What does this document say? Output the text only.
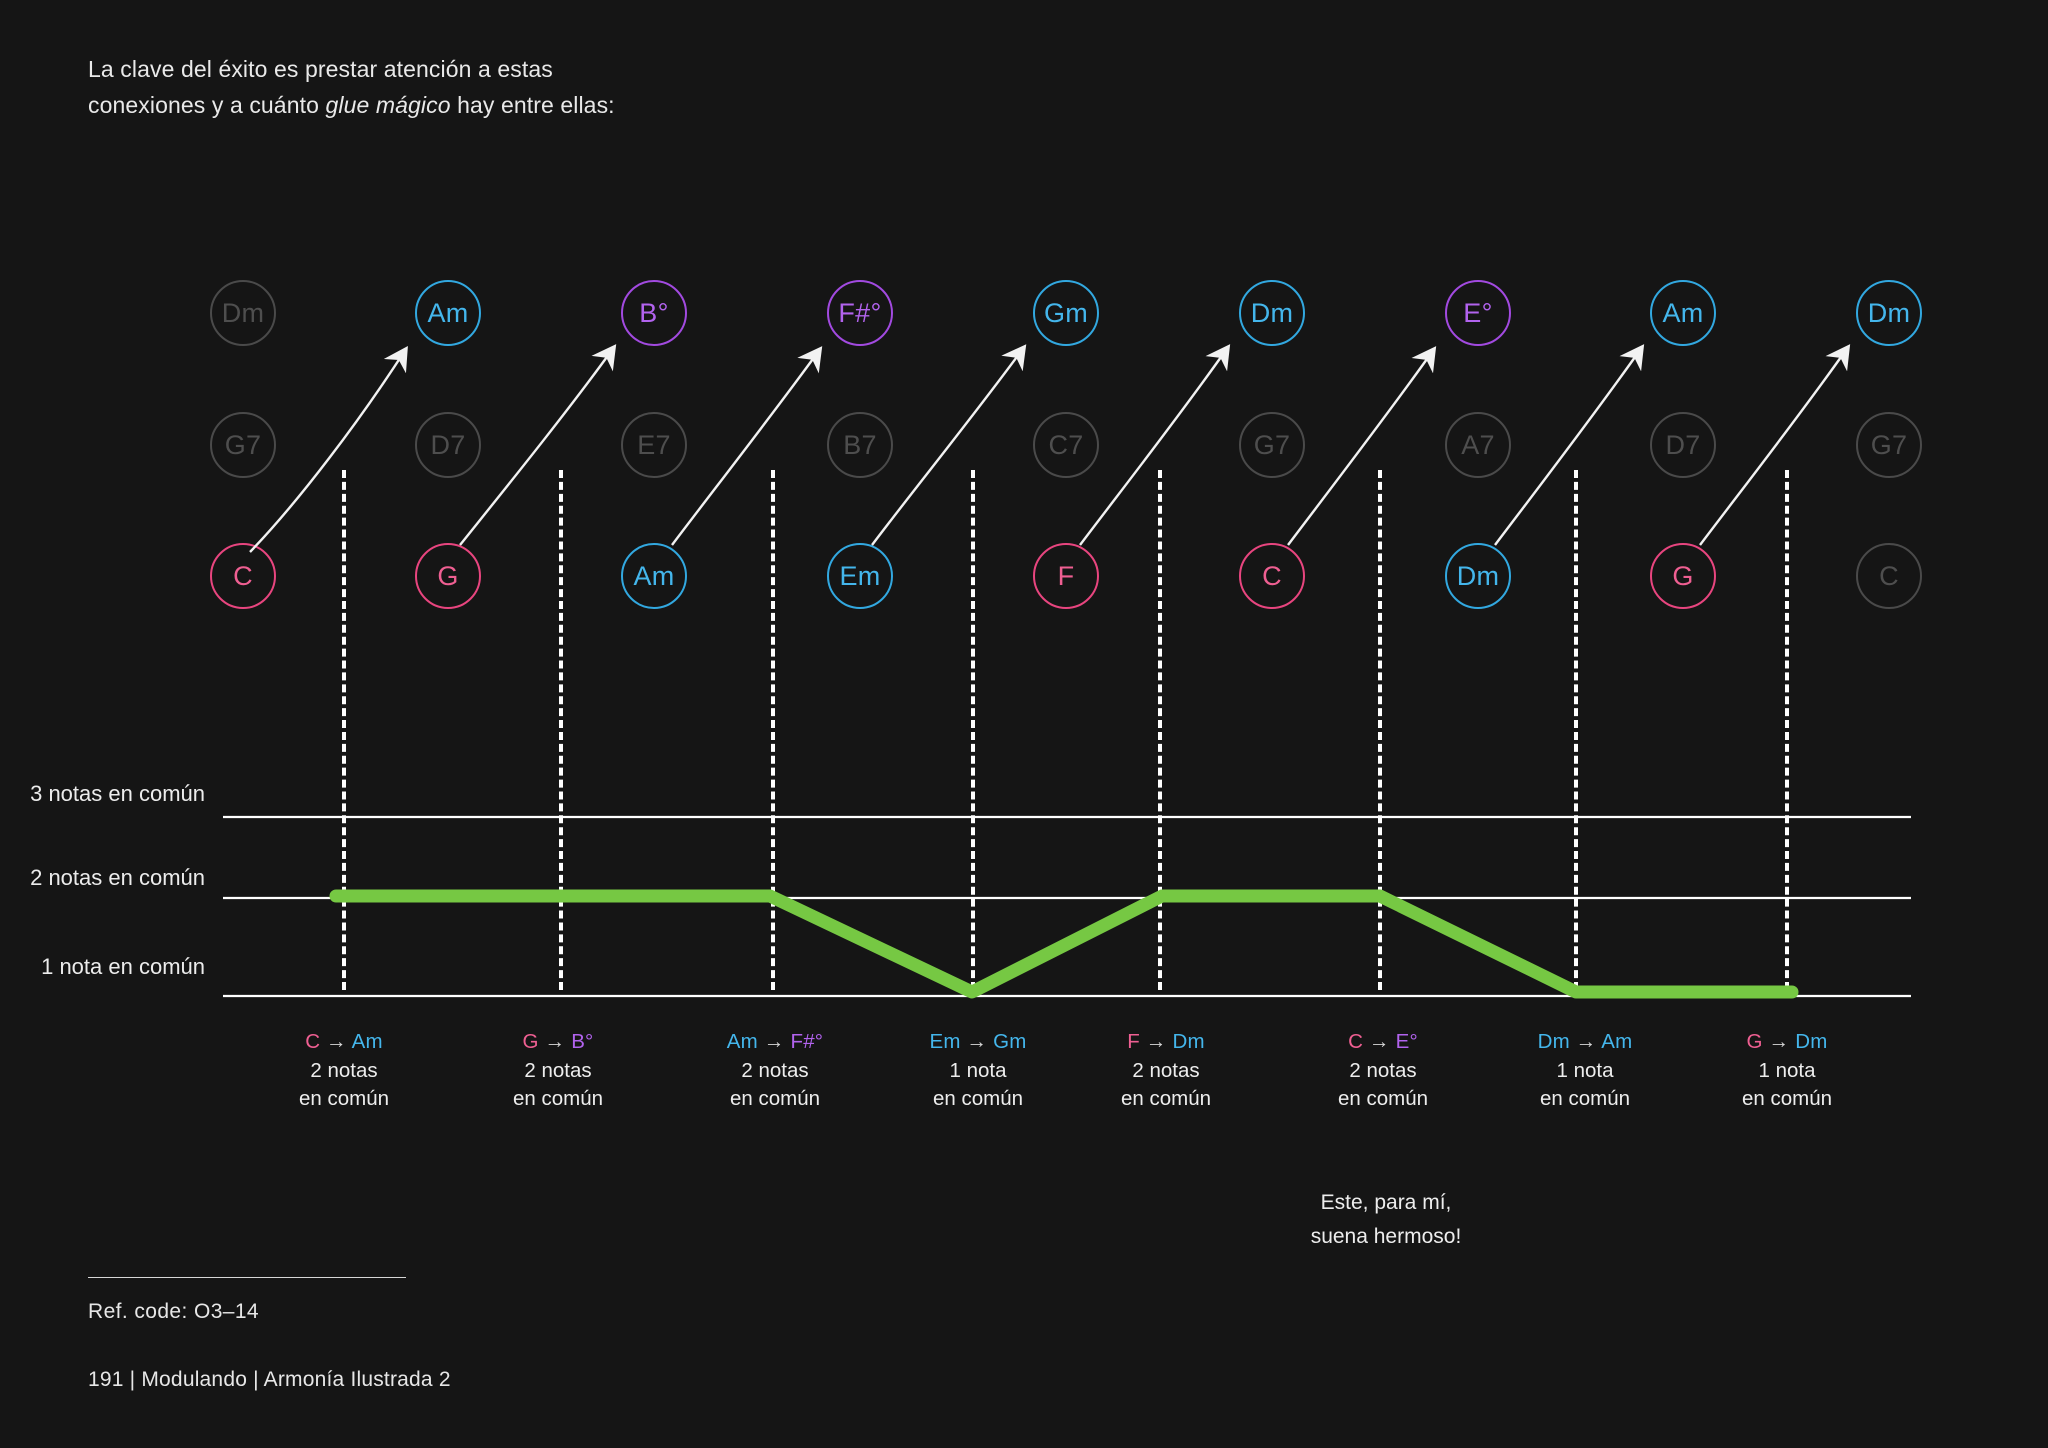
La clave del éxito es prestar atención a estas
conexiones y a cuánto glue mágico hay entre ellas:
Dm
G7
C
Am
D7
G
B°
E7
Am
F#°
B7
Em
Gm
C7
F
Dm
G7
C
E°
A7
Dm
Am
D7
G
Dm
G7
C
3 notas en común
2 notas en común
1 nota en común
C → Am
2 notas
en común
G → B°
2 notas
en común
Am → F#°
2 notas
en común
Em → Gm
1 nota
en común
F → Dm
2 notas
en común
C → E°
2 notas
en común
Dm → Am
1 nota
en común
G → Dm
1 nota
en común
Este, para mí,
suena hermoso!
Ref. code: O3–14
191 | Modulando | Armonía Ilustrada 2
